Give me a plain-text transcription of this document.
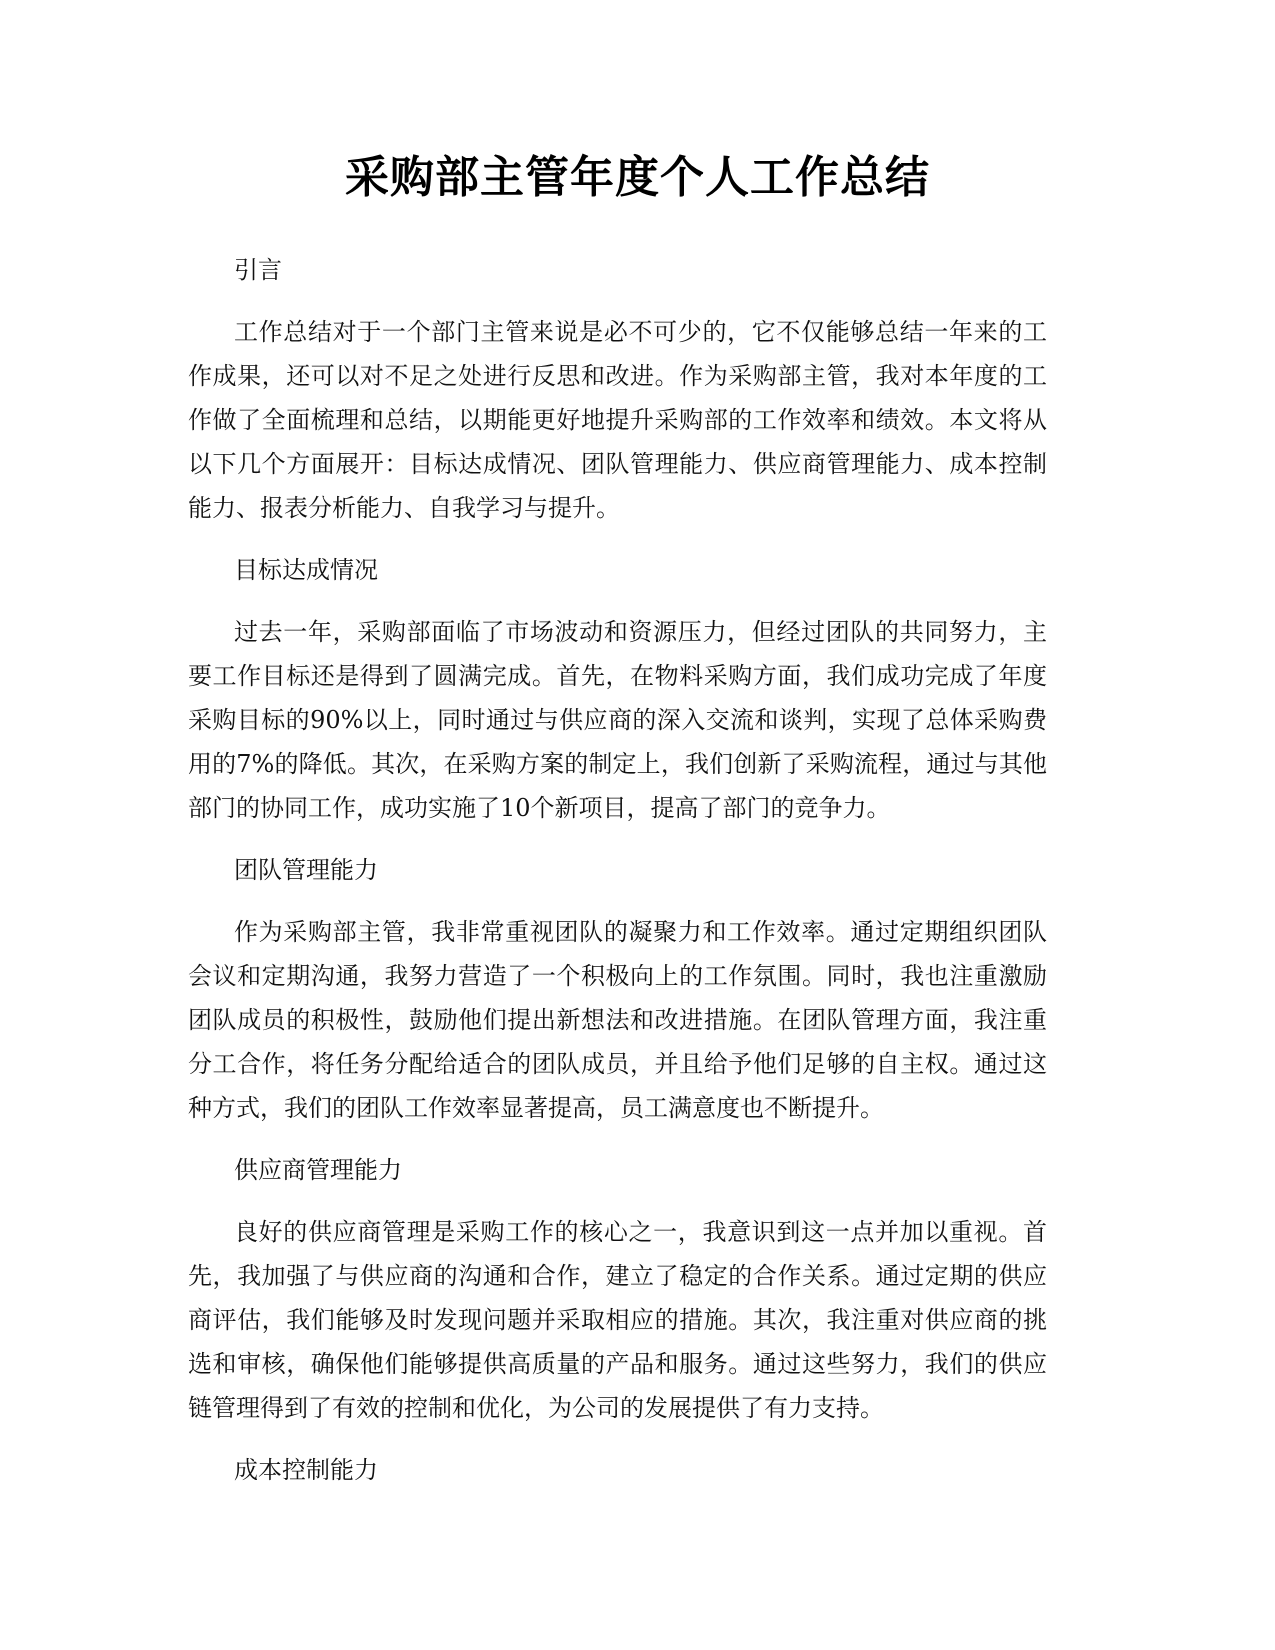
采购部主管年度个人工作总结

引言

工作总结对于一个部门主管来说是必不可少的，它不仅能够总结一年来的工作成果，还可以对不足之处进行反思和改进。作为采购部主管，我对本年度的工作做了全面梳理和总结，以期能更好地提升采购部的工作效率和绩效。本文将从以下几个方面展开：目标达成情况、团队管理能力、供应商管理能力、成本控制能力、报表分析能力、自我学习与提升。

目标达成情况

过去一年，采购部面临了市场波动和资源压力，但经过团队的共同努力，主要工作目标还是得到了圆满完成。首先，在物料采购方面，我们成功完成了年度采购目标的90%以上，同时通过与供应商的深入交流和谈判，实现了总体采购费用的7%的降低。其次，在采购方案的制定上，我们创新了采购流程，通过与其他部门的协同工作，成功实施了10个新项目，提高了部门的竞争力。

团队管理能力

作为采购部主管，我非常重视团队的凝聚力和工作效率。通过定期组织团队会议和定期沟通，我努力营造了一个积极向上的工作氛围。同时，我也注重激励团队成员的积极性，鼓励他们提出新想法和改进措施。在团队管理方面，我注重分工合作，将任务分配给适合的团队成员，并且给予他们足够的自主权。通过这种方式，我们的团队工作效率显著提高，员工满意度也不断提升。

供应商管理能力

良好的供应商管理是采购工作的核心之一，我意识到这一点并加以重视。首先，我加强了与供应商的沟通和合作，建立了稳定的合作关系。通过定期的供应商评估，我们能够及时发现问题并采取相应的措施。其次，我注重对供应商的挑选和审核，确保他们能够提供高质量的产品和服务。通过这些努力，我们的供应链管理得到了有效的控制和优化，为公司的发展提供了有力支持。

成本控制能力
